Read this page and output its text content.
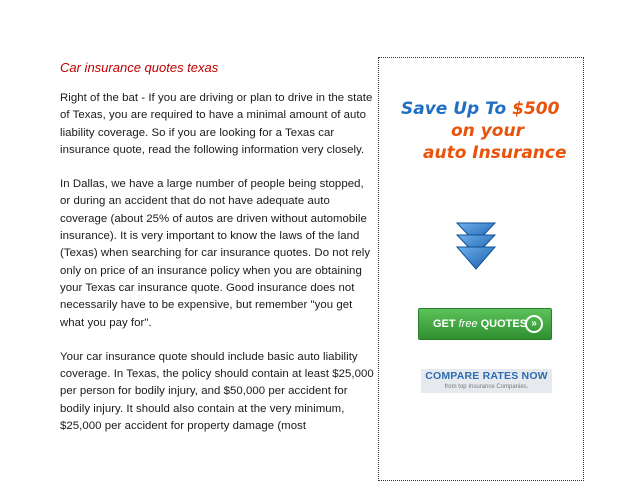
Car insurance quotes texas

Right of the bat - If you are driving or plan to drive in the state of Texas, you are required to have a minimal amount of auto liability coverage. So if you are looking for a Texas car insurance quote, read the following information very closely.

In Dallas, we have a large number of people being stopped, or during an accident that do not have adequate auto coverage (about 25% of autos are driven without automobile insurance). It is very important to know the laws of the land (Texas) when searching for car insurance quotes. Do not rely only on price of an insurance policy when you are obtaining your Texas car insurance quote. Good insurance does not necessarily have to be expensive, but remember "you get what you pay for".

Your car insurance quote should include basic auto liability coverage. In Texas, the policy should contain at least $25,000 per person for bodily injury, and $50,000 per accident for bodily injury. It should also contain at the very minimum, $25,000 per accident for property damage (most

Save Up To $500
on your
auto Insurance
GET free QUOTES »
COMPARE RATES NOW
from top Insurance Companies.
